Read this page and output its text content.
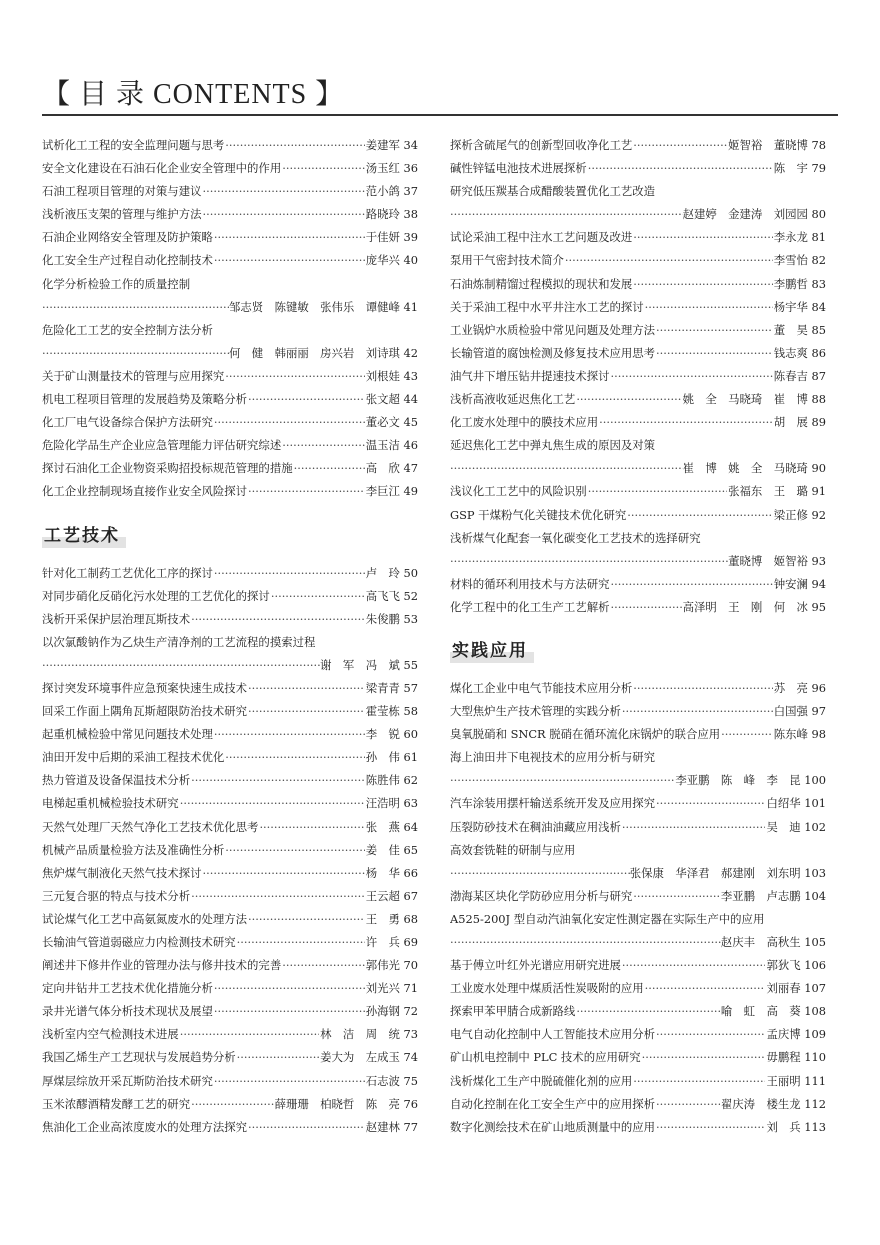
【 目 录 CONTENTS 】
试析化工工程的安全监理问题与思考 ·····	姜建军 34
安全文化建设在石油石化企业安全管理中的作用 ·····	汤玉红 36
石油工程项目管理的对策与建议 ·····	范小鸽 37
浅析液压支架的管理与维护方法 ·····	路晓玲 38
石油企业网络安全管理及防护策略 ·····	于佳妍 39
化工安全生产过程自动化控制技术 ·····	庞华兴 40
化学分析检验工作的质量控制
·····
邹志贤　陈键敏　张伟乐　谭健峰 41
危险化工工艺的安全控制方法分析
·····
何　健　韩丽丽　房兴岩　刘诗琪 42
关于矿山测量技术的管理与应用探究 ·····	刘根娃 43
机电工程项目管理的发展趋势及策略分析 ·····	张文超 44
化工厂电气设备综合保护方法研究 ·····	董必文 45
危险化学品生产企业应急管理能力评估研究综述 ·····	温玉洁 46
探讨石油化工企业物资采购招投标规范管理的措施 ·····	高　欣 47
化工企业控制现场直接作业安全风险探讨 ·····	李巨江 49
工艺技术
针对化工制药工艺优化工序的探讨 ·····	卢　玲 50
对同步硝化反硝化污水处理的工艺优化的探讨 ·····	高飞飞 52
浅析开采保护层治理瓦斯技术 ·····	朱俊鹏 53
以次氯酸钠作为乙炔生产清净剂的工艺流程的摸索过程
·····
谢　军　冯　斌 55
探讨突发环境事件应急预案快速生成技术 ·····	梁青青 57
回采工作面上隅角瓦斯超限防治技术研究 ·····	霍莹栋 58
起重机械检验中常见问题技术处理 ·····	李　锐 60
油田开发中后期的采油工程技术优化 ·····	孙　伟 61
热力管道及设备保温技术分析 ·····	陈胜伟 62
电梯起重机械检验技术研究 ·····	汪浩明 63
天然气处理厂天然气净化工艺技术优化思考 ·····	张　燕 64
机械产品质量检验方法及准确性分析 ·····	姜　佳 65
焦炉煤气制液化天然气技术探讨 ·····	杨　华 66
三元复合驱的特点与技术分析 ·····	王云超 67
试论煤气化工艺中高氨氮废水的处理方法 ·····	王　勇 68
长输油气管道弱磁应力内检测技术研究 ·····	许　兵 69
阐述井下修井作业的管理办法与修井技术的完善 ·····	郭伟光 70
定向井钻井工艺技术优化措施分析 ·····	刘光兴 71
录井光谱气体分析技术现状及展望 ·····	孙海钢 72
浅析室内空气检测技术进展 ·····	林　洁　周　统 73
我国乙烯生产工艺现状与发展趋势分析 ·····	姜大为　左成玉 74
厚煤层综放开采瓦斯防治技术研究 ·····	石志波 75
玉米浓醪酒精发酵工艺的研究 ·····	薛珊珊　柏晓哲　陈　亮 76
焦油化工企业高浓度废水的处理方法探究 ·····	赵建林 77
探析含硫尾气的创新型回收净化工艺 ·····	姬智裕　董晓博 78
碱性锌锰电池技术进展探析 ·····	陈　宇 79
研究低压羰基合成醋酸装置优化工艺改造
·····
赵建婷　金建涛　刘园园 80
试论采油工程中注水工艺问题及改进 ·····	李永龙 81
泵用干气密封技术简介 ·····	李雪怡 82
石油炼制精馏过程模拟的现状和发展 ·····	李鹏哲 83
关于采油工程中水平井注水工艺的探讨 ·····	杨宇华 84
工业锅炉水质检验中常见问题及处理方法 ·····	董　昊 85
长输管道的腐蚀检测及修复技术应用思考 ·····	钱志爽 86
油气井下增压钻井提速技术探讨 ·····	陈春吉 87
浅析高液收延迟焦化工艺 ·····	姚　全　马晓琦　崔　博 88
化工废水处理中的膜技术应用 ·····	胡　展 89
延迟焦化工艺中弹丸焦生成的原因及对策
·····
崔　博　姚　全　马晓琦 90
浅议化工工艺中的风险识别 ·····	张福东　王　璐 91
GSP 干煤粉气化关键技术优化研究 ·····	梁正修 92
浅析煤气化配套一氧化碳变化工艺技术的选择研究
·····
董晓博　姬智裕 93
材料的循环利用技术与方法研究 ·····	钟安澜 94
化学工程中的化工生产工艺解析 ·····	高泽明　王　刚　何　冰 95
实践应用
煤化工企业中电气节能技术应用分析 ·····	苏　亮 96
大型焦炉生产技术管理的实践分析 ·····	白国强 97
臭氧脱硝和 SNCR 脱硝在循环流化床锅炉的联合应用 ·····	陈东峰 98
海上油田井下电视技术的应用分析与研究
·····
李亚鹏　陈　峰　李　昆 100
汽车涂装用摆杆输送系统开发及应用探究 ·····	白绍华 101
压裂防砂技术在稠油油藏应用浅析 ·····	吴　迪 102
高效套铣鞋的研制与应用
·····
张保康　华泽君　郝建刚　刘东明 103
渤海某区块化学防砂应用分析与研究 ·····	李亚鹏　卢志鹏 104
A525-200J 型自动汽油氧化安定性测定器在实际生产中的应用
·····
赵庆丰　高秋生 105
基于傅立叶红外光谱应用研究进展 ·····	郭狄飞 106
工业废水处理中煤质活性炭吸附的应用 ·····	刘丽春 107
探索甲苯甲腈合成新路线 ·····	喻　虹　高　葵 108
电气自动化控制中人工智能技术应用分析 ·····	孟庆博 109
矿山机电控制中 PLC 技术的应用研究 ·····	毋鹏程 110
浅析煤化工生产中脱硫催化剂的应用 ·····	王丽明 111
自动化控制在化工安全生产中的应用探析 ·····	翟庆涛　楼生龙 112
数字化测绘技术在矿山地质测量中的应用 ·····	刘　兵 113
